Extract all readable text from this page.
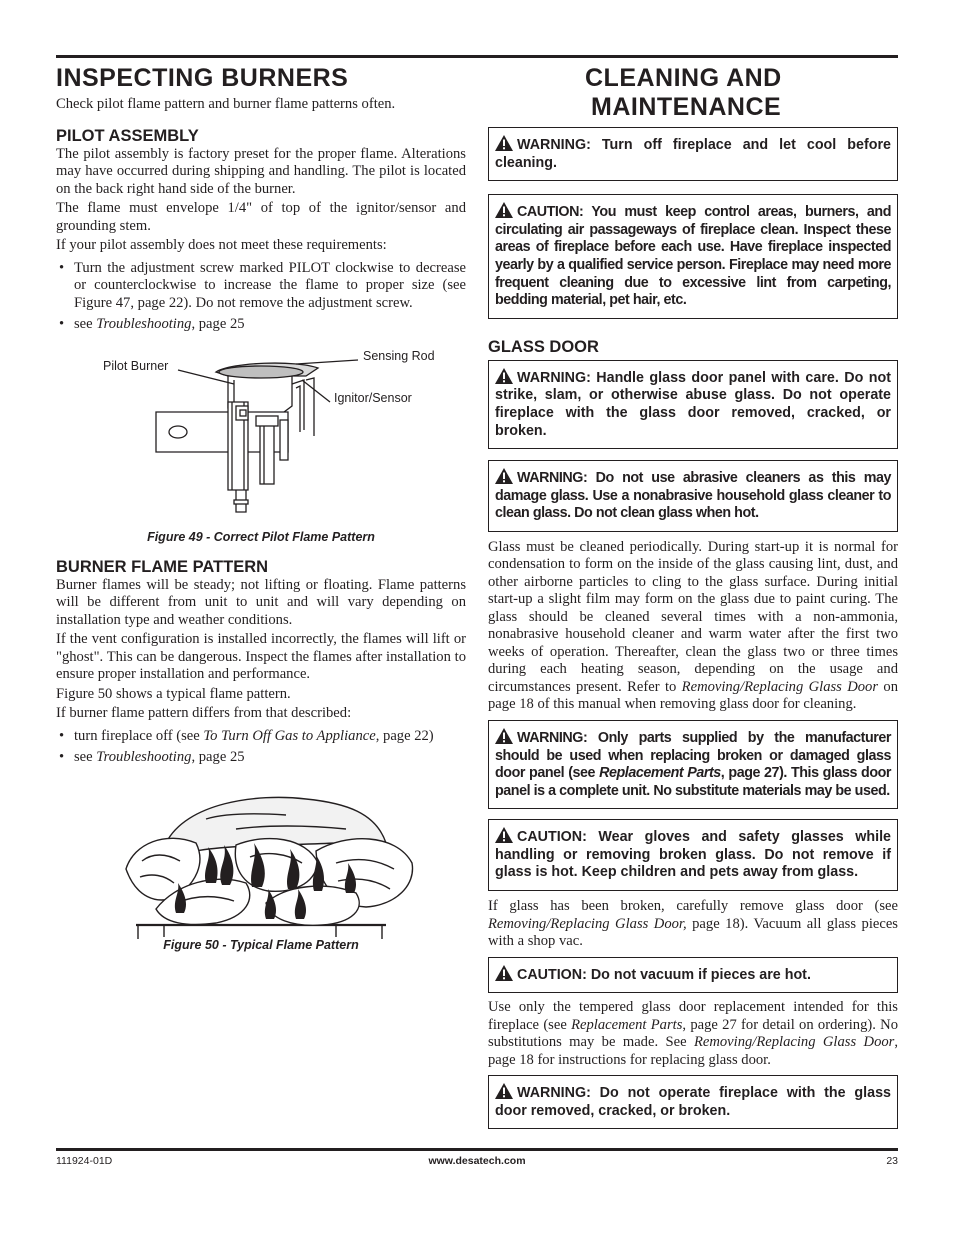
INSPECTING BURNERS

Check pilot flame pattern and burner flame patterns often.

PILOT ASSEMBLY

The pilot assembly is factory preset for the proper flame. Alterations may have occurred during shipping and handling. The pilot is located on the back right hand side of the burner.

The flame must envelope 1/4" of top of the ignitor/sensor and grounding stem.

If your pilot assembly does not meet these requirements:

• Turn the adjustment screw marked PILOT clockwise to decrease or counterclockwise to increase the flame to proper size (see Figure 47, page 22). Do not remove the adjustment screw.
• see Troubleshooting, page 25
Pilot Burner
Sensing Rod
Ignitor/Sensor
Figure 49 - Correct Pilot Flame Pattern
BURNER FLAME PATTERN

Burner flames will be steady; not lifting or floating. Flame patterns will be different from unit to unit and will vary depending on installation type and weather conditions.

If the vent configuration is installed incorrectly, the flames will lift or "ghost". This can be dangerous. Inspect the flames after installation to ensure proper installation and performance.

Figure 50 shows a typical flame pattern.

If burner flame pattern differs from that described:

• turn fireplace off (see To Turn Off Gas to Appliance, page 22)
• see Troubleshooting, page 25
Figure 50 - Typical Flame Pattern
CLEANING AND
MAINTENANCE
WARNING: Turn off fireplace and let cool before cleaning.
CAUTION: You must keep control areas, burners, and circulating air passageways of fireplace clean. Inspect these areas of fireplace before each use. Have fireplace inspected yearly by a qualified service person. Fireplace may need more frequent cleaning due to excessive lint from carpeting, bedding material, pet hair, etc.
GLASS DOOR
WARNING: Handle glass door panel with care. Do not strike, slam, or otherwise abuse glass. Do not operate fireplace with the glass door removed, cracked, or broken.
WARNING: Do not use abrasive cleaners as this may damage glass. Use a nonabrasive household glass cleaner to clean glass. Do not clean glass when hot.

Glass must be cleaned periodically. During start-up it is normal for condensation to form on the inside of the glass causing lint, dust, and other airborne particles to cling to the glass surface. During initial start-up a slight film may form on the glass due to paint curing. The glass should be cleaned several times with a non-ammonia, nonabrasive household cleaner and warm water after the first two weeks of operation. Thereafter, clean the glass two or three times during each heating season, depending on the usage and circumstances present. Refer to Removing/Replacing Glass Door on page 18 of this manual when removing glass door for cleaning.

WARNING: Only parts supplied by the manufacturer should be used when replacing broken or damaged glass door panel (see Replacement Parts, page 27). This glass door panel is a complete unit. No substitute materials may be used.
CAUTION: Wear gloves and safety glasses while handling or removing broken glass. Do not remove if glass is hot. Keep children and pets away from glass.

If glass has been broken, carefully remove glass door (see Removing/Replacing Glass Door, page 18). Vacuum all glass pieces with a shop vac.

CAUTION: Do not vacuum if pieces are hot.

Use only the tempered glass door replacement intended for this fireplace (see Replacement Parts, page 27 for detail on ordering). No substitutions may be made. See Removing/Replacing Glass Door, page 18 for instructions for replacing glass door.

WARNING: Do not operate fireplace with the glass door removed, cracked, or broken.
111924-01D	www.desatech.com	23
